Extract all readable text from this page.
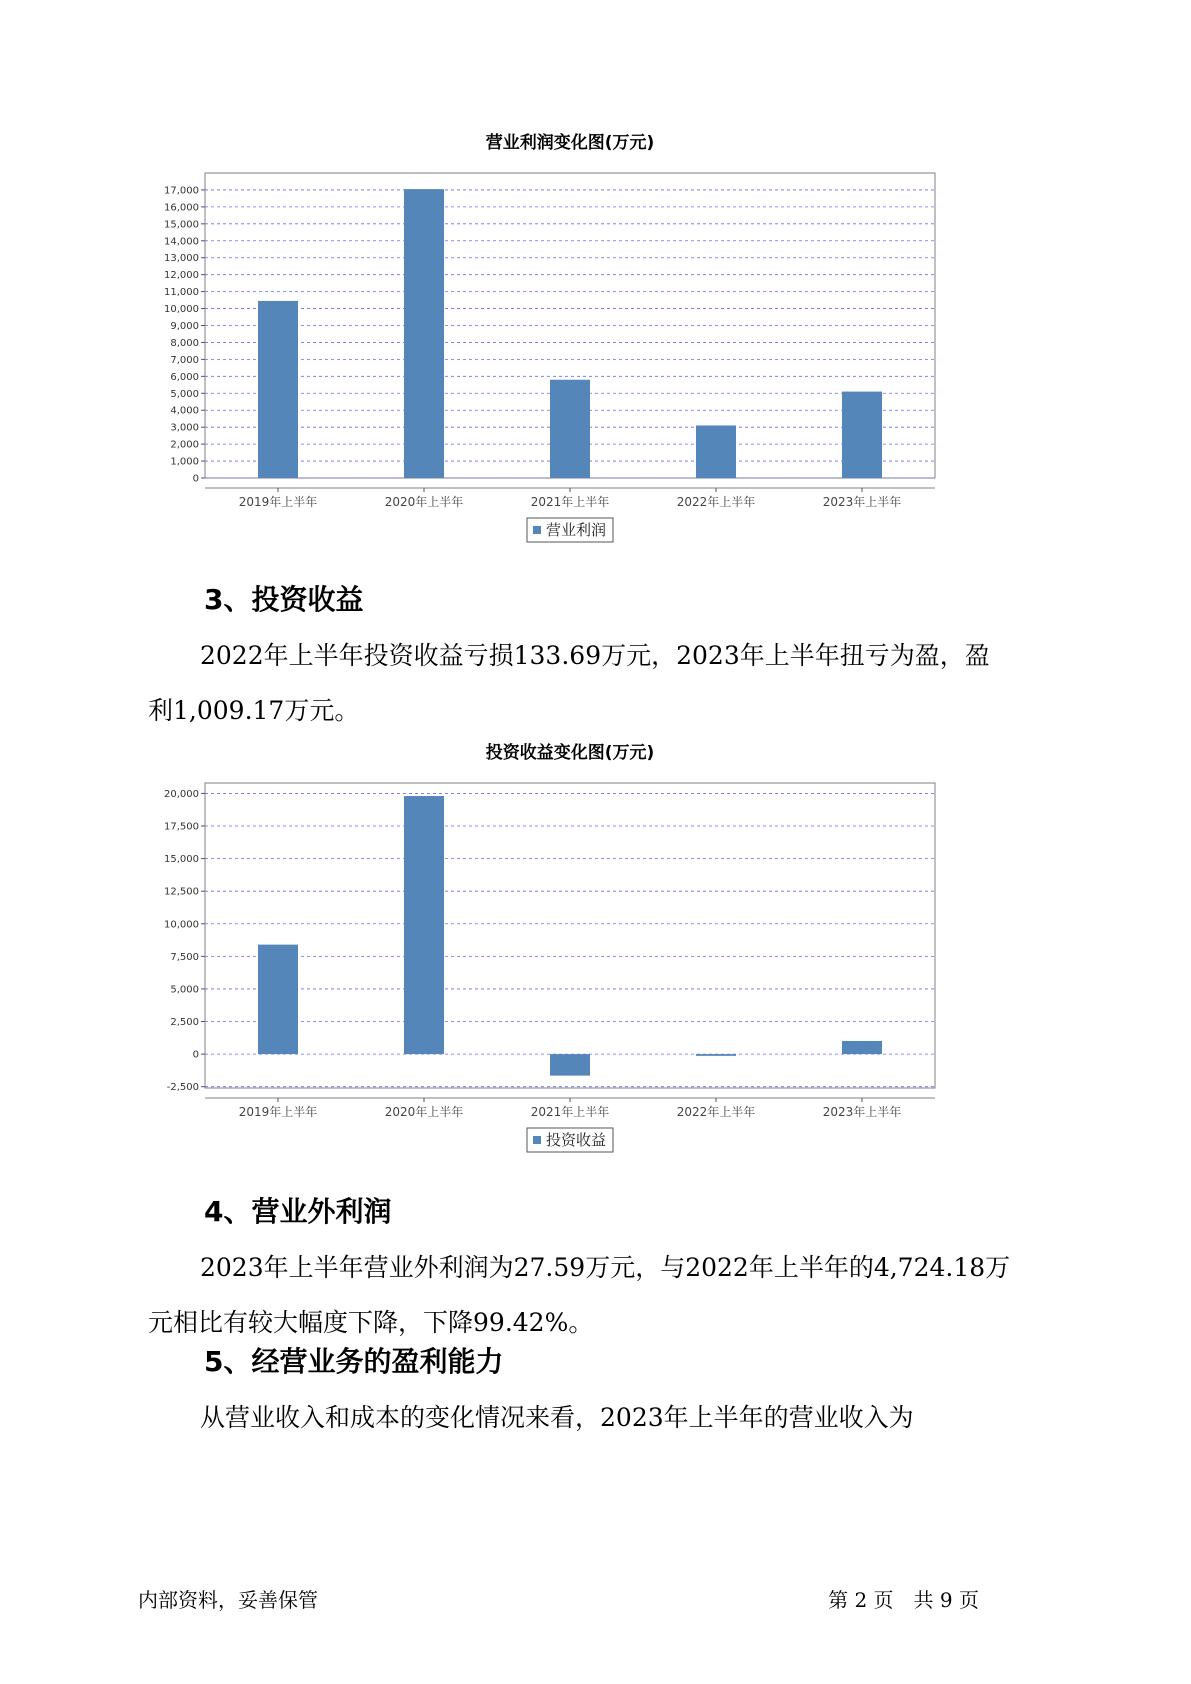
营业利润变化图(万元)
0
1,000
2,000
3,000
4,000
5,000
6,000
7,000
8,000
9,000
10,000
11,000
12,000
13,000
14,000
15,000
16,000
17,000
2019年上半年	2020年上半年	2021年上半年	2022年上半年	2023年上半年
营业利润
3、投资收益
2022年上半年投资收益亏损133.69万元，2023年上半年扭亏为盈，盈
利1,009.17万元。
投资收益变化图(万元)
-2,500
0
2,500
5,000
7,500
10,000
12,500
15,000
17,500
20,000
2019年上半年	2020年上半年	2021年上半年	2022年上半年	2023年上半年
投资收益
4、营业外利润
2023年上半年营业外利润为27.59万元，与2022年上半年的4,724.18万
元相比有较大幅度下降，下降99.42%。
5、经营业务的盈利能力
从营业收入和成本的变化情况来看，2023年上半年的营业收入为
内部资料，妥善保管	第 2 页　共 9 页
